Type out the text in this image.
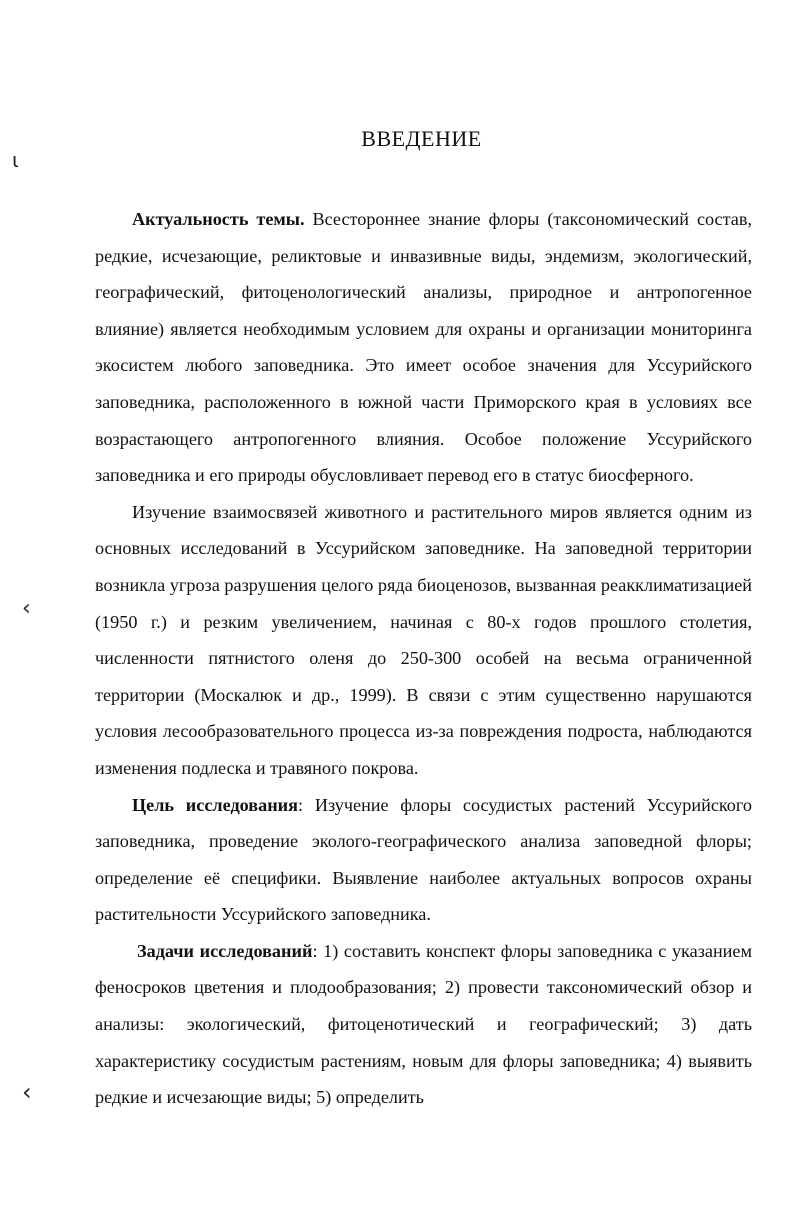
ι
‹
‹
ВВЕДЕНИЕ

Актуальность темы. Всестороннее знание флоры (таксономический состав, редкие, исчезающие, реликтовые и инвазивные виды, эндемизм, экологический, географический, фитоценологический анализы, природное и антропогенное влияние) является необходимым условием для охраны и организации мониторинга экосистем любого заповедника. Это имеет особое значения для Уссурийского заповедника, расположенного в южной части Приморского края в условиях все возрастающего антропогенного влияния. Особое положение Уссурийского заповедника и его природы обусловливает перевод его в статус биосферного.

Изучение взаимосвязей животного и растительного миров является одним из основных исследований в Уссурийском заповеднике. На заповедной территории возникла угроза разрушения целого ряда биоценозов, вызванная реакклиматизацией (1950 г.) и резким увеличением, начиная с 80-х годов прошлого столетия, численности пятнистого оленя до 250-300 особей на весьма ограниченной территории (Москалюк и др., 1999). В связи с этим существенно нарушаются условия лесообразовательного процесса из-за повреждения подроста, наблюдаются изменения подлеска и травяного покрова.

Цель исследования: Изучение флоры сосудистых растений Уссурийского заповедника, проведение эколого-географического анализа заповедной флоры; определение её специфики. Выявление наиболее актуальных вопросов охраны растительности Уссурийского заповедника.

Задачи исследований: 1) составить конспект флоры заповедника с указанием феносроков цветения и плодообразования; 2) провести таксономический обзор и анализы: экологический, фитоценотический и географический; 3) дать характеристику сосудистым растениям, новым для флоры заповедника; 4) выявить редкие и исчезающие виды; 5) определить
